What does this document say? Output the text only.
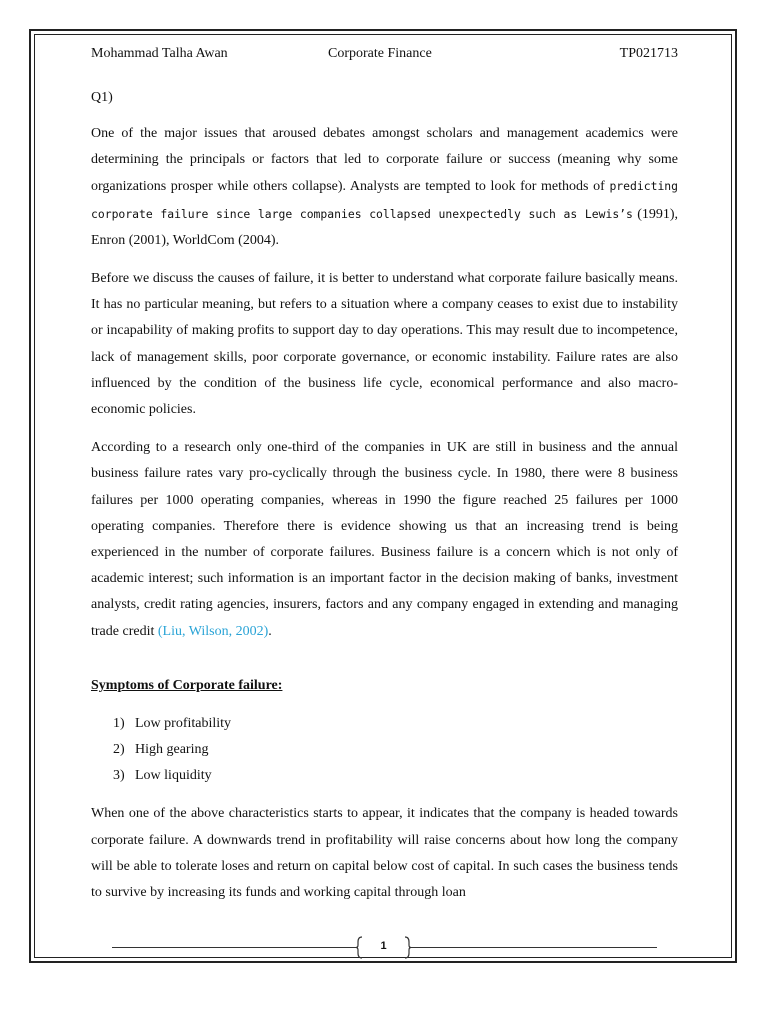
Mohammad Talha Awan	Corporate Finance	TP021713
Q1)

One of the major issues that aroused debates amongst scholars and management academics were determining the principals or factors that led to corporate failure or success (meaning why some organizations prosper while others collapse). Analysts are tempted to look for methods of predicting corporate failure since large companies collapsed unexpectedly such as Lewis’s (1991), Enron (2001), WorldCom (2004).

Before we discuss the causes of failure, it is better to understand what corporate failure basically means. It has no particular meaning, but refers to a situation where a company ceases to exist due to instability or incapability of making profits to support day to day operations. This may result due to incompetence, lack of management skills, poor corporate governance, or economic instability. Failure rates are also influenced by the condition of the business life cycle, economical performance and also macro-economic policies.

According to a research only one-third of the companies in UK are still in business and the annual business failure rates vary pro-cyclically through the business cycle. In 1980, there were 8 business failures per 1000 operating companies, whereas in 1990 the figure reached 25 failures per 1000 operating companies. Therefore there is evidence showing us that an increasing trend is being experienced in the number of corporate failures. Business failure is a concern which is not only of academic interest; such information is an important factor in the decision making of banks, investment analysts, credit rating agencies, insurers, factors and any company engaged in extending and managing trade credit (Liu, Wilson, 2002).

Symptoms of Corporate failure:
1) Low profitability
2) High gearing
3) Low liquidity

When one of the above characteristics starts to appear, it indicates that the company is headed towards corporate failure. A downwards trend in profitability will raise concerns about how long the company will be able to tolerate loses and return on capital below cost of capital. In such cases the business tends to survive by increasing its funds and working capital through loan

1
